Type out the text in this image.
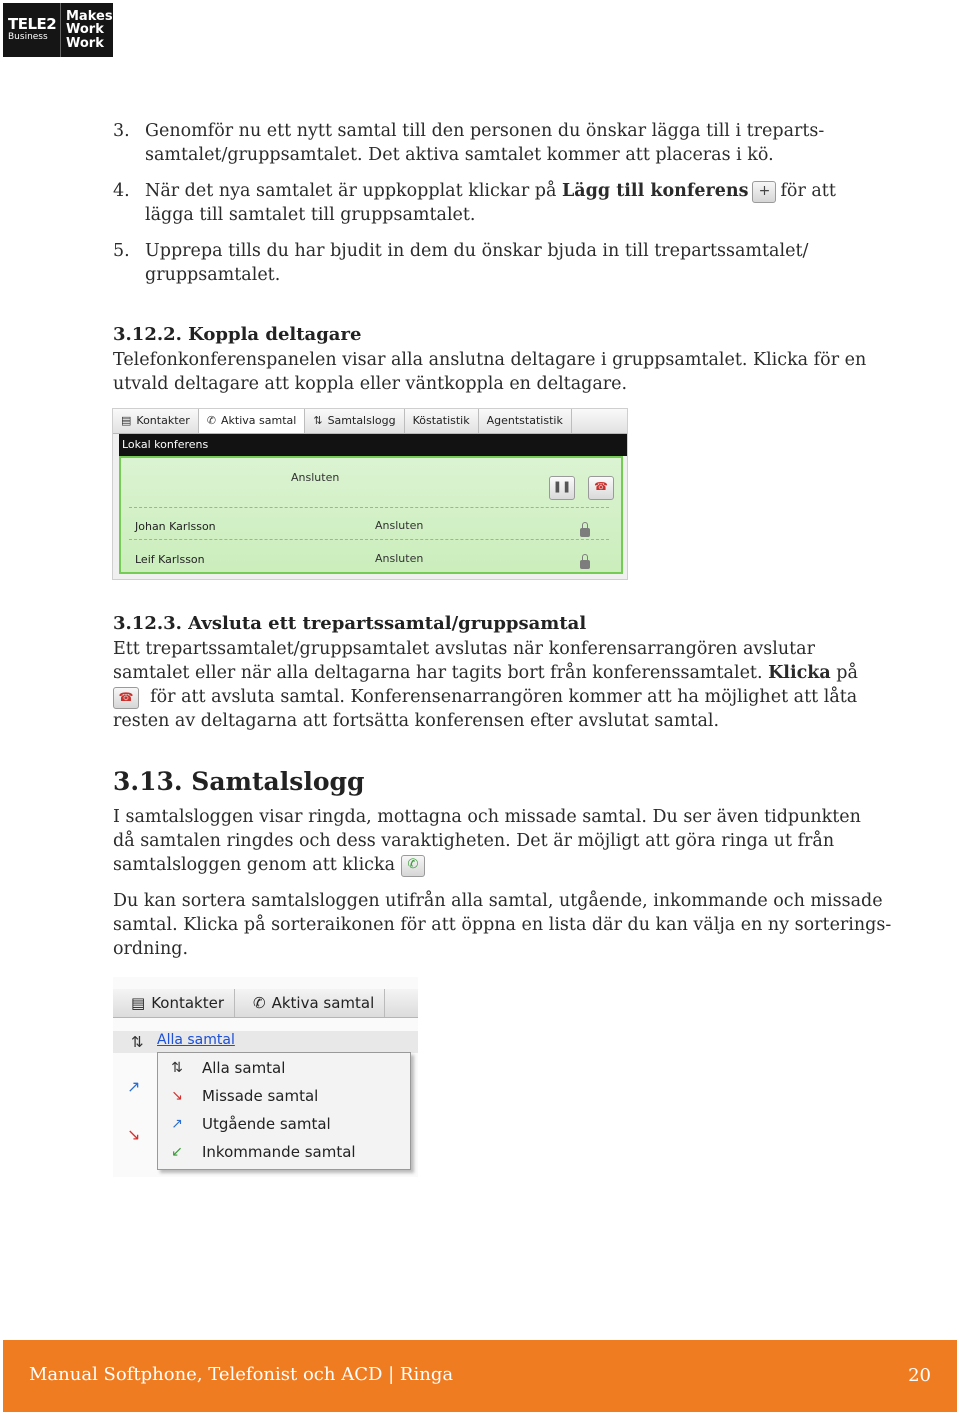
TELE2
Business
Makes
Work
Work
3. Genomför nu ett nytt samtal till den personen du önskar lägga till i treparts-
samtalet/gruppsamtalet. Det aktiva samtalet kommer att placeras i kö.
4. När det nya samtalet är uppkopplat klickar på Lägg till konferens + för att
lägga till samtalet till gruppsamtalet.
5. Upprepa tills du har bjudit in dem du önskar bjuda in till trepartssamtalet/
gruppsamtalet.
3.12.2. Koppla deltagare
Telefonkonferenspanelen visar alla anslutna deltagare i gruppsamtalet. Klicka för en
utvald deltagare att koppla eller väntkoppla en deltagare.
▤ Kontakter ✆ Aktiva samtal ⇅ Samtalslogg Köstatistik Agentstatistik
Lokal konferens
Ansluten
❚❚	☎
Johan Karlsson	Ansluten
Leif Karlsson	Ansluten
3.12.3. Avsluta ett trepartssamtal/gruppsamtal
Ett trepartssamtalet/gruppsamtalet avslutas när konferensarrangören avslutar
samtalet eller när alla deltagarna har tagits bort från konferenssamtalet. Klicka på
☎ för att avsluta samtal. Konferensenarrangören kommer att ha möjlighet att låta
resten av deltagarna att fortsätta konferensen efter avslutat samtal.
3.13. Samtalslogg
I samtalsloggen visar ringda, mottagna och missade samtal. Du ser även tidpunkten
då samtalen ringdes och dess varaktigheten. Det är möjligt att göra ringa ut från
samtalsloggen genom att klicka ✆
Du kan sortera samtalsloggen utifrån alla samtal, utgående, inkommande och missade
samtal. Klicka på sorteraikonen för att öppna en lista där du kan välja en ny sorterings-
ordning.
▤ Kontakter ✆ Aktiva samtal
⇅ Alla samtal
↗
↘
⇅	Alla samtal
↘	Missade samtal
↗	Utgående samtal
↙	Inkommande samtal
Manual Softphone, Telefonist och ACD | Ringa	20
